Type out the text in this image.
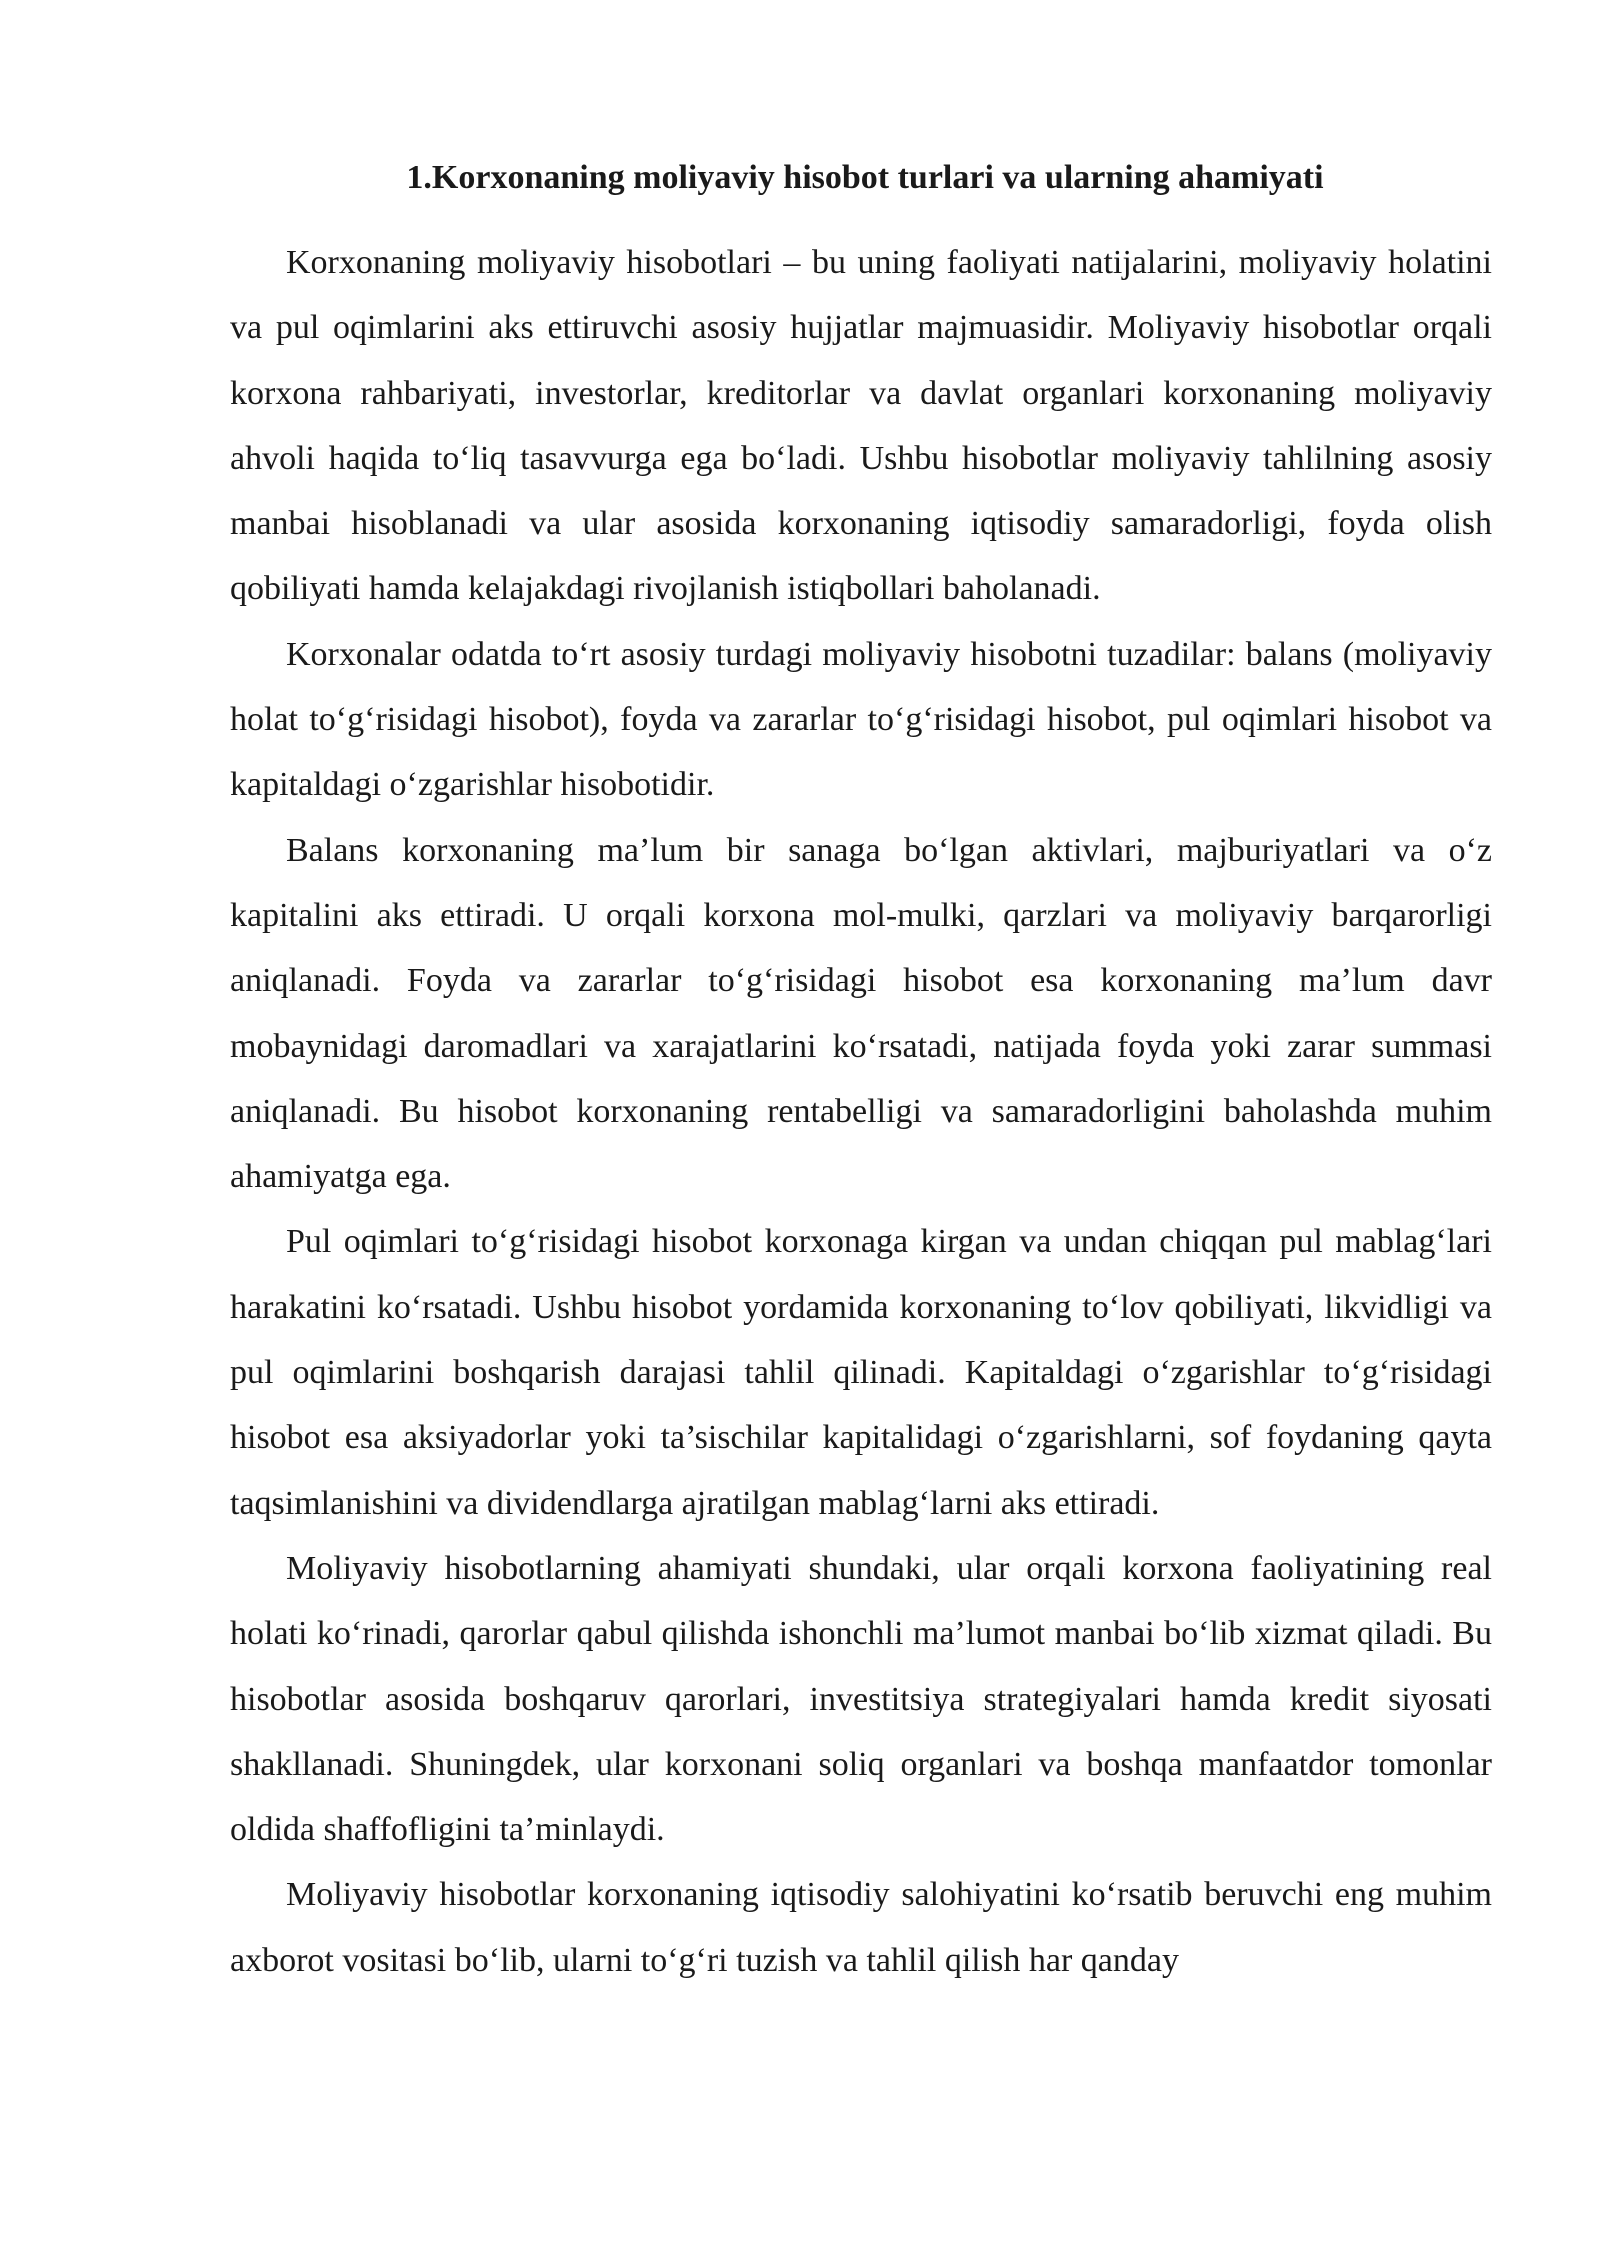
1.Korxonaning moliyaviy hisobot turlari va ularning ahamiyati

Korxonaning moliyaviy hisobotlari – bu uning faoliyati natijalarini, moliyaviy holatini va pul oqimlarini aks ettiruvchi asosiy hujjatlar majmuasidir. Moliyaviy hisobotlar orqali korxona rahbariyati, investorlar, kreditorlar va davlat organlari korxonaning moliyaviy ahvoli haqida to‘liq tasavvurga ega bo‘ladi. Ushbu hisobotlar moliyaviy tahlilning asosiy manbai hisoblanadi va ular asosida korxonaning iqtisodiy samaradorligi, foyda olish qobiliyati hamda kelajakdagi rivojlanish istiqbollari baholanadi.

Korxonalar odatda to‘rt asosiy turdagi moliyaviy hisobotni tuzadilar: balans (moliyaviy holat to‘g‘risidagi hisobot), foyda va zararlar to‘g‘risidagi hisobot, pul oqimlari hisobot va kapitaldagi o‘zgarishlar hisobotidir.

Balans korxonaning ma’lum bir sanaga bo‘lgan aktivlari, majburiyatlari va o‘z kapitalini aks ettiradi. U orqali korxona mol-mulki, qarzlari va moliyaviy barqarorligi aniqlanadi. Foyda va zararlar to‘g‘risidagi hisobot esa korxonaning ma’lum davr mobaynidagi daromadlari va xarajatlarini ko‘rsatadi, natijada foyda yoki zarar summasi aniqlanadi. Bu hisobot korxonaning rentabelligi va samaradorligini baholashda muhim ahamiyatga ega.

Pul oqimlari to‘g‘risidagi hisobot korxonaga kirgan va undan chiqqan pul mablag‘lari harakatini ko‘rsatadi. Ushbu hisobot yordamida korxonaning to‘lov qobiliyati, likvidligi va pul oqimlarini boshqarish darajasi tahlil qilinadi. Kapitaldagi o‘zgarishlar to‘g‘risidagi hisobot esa aksiyadorlar yoki ta’sischilar kapitalidagi o‘zgarishlarni, sof foydaning qayta taqsimlanishini va dividendlarga ajratilgan mablag‘larni aks ettiradi.

Moliyaviy hisobotlarning ahamiyati shundaki, ular orqali korxona faoliyatining real holati ko‘rinadi, qarorlar qabul qilishda ishonchli ma’lumot manbai bo‘lib xizmat qiladi. Bu hisobotlar asosida boshqaruv qarorlari, investitsiya strategiyalari hamda kredit siyosati shakllanadi. Shuningdek, ular korxonani soliq organlari va boshqa manfaatdor tomonlar oldida shaffofligini ta’minlaydi.

Moliyaviy hisobotlar korxonaning iqtisodiy salohiyatini ko‘rsatib beruvchi eng muhim axborot vositasi bo‘lib, ularni to‘g‘ri tuzish va tahlil qilish har qanday
